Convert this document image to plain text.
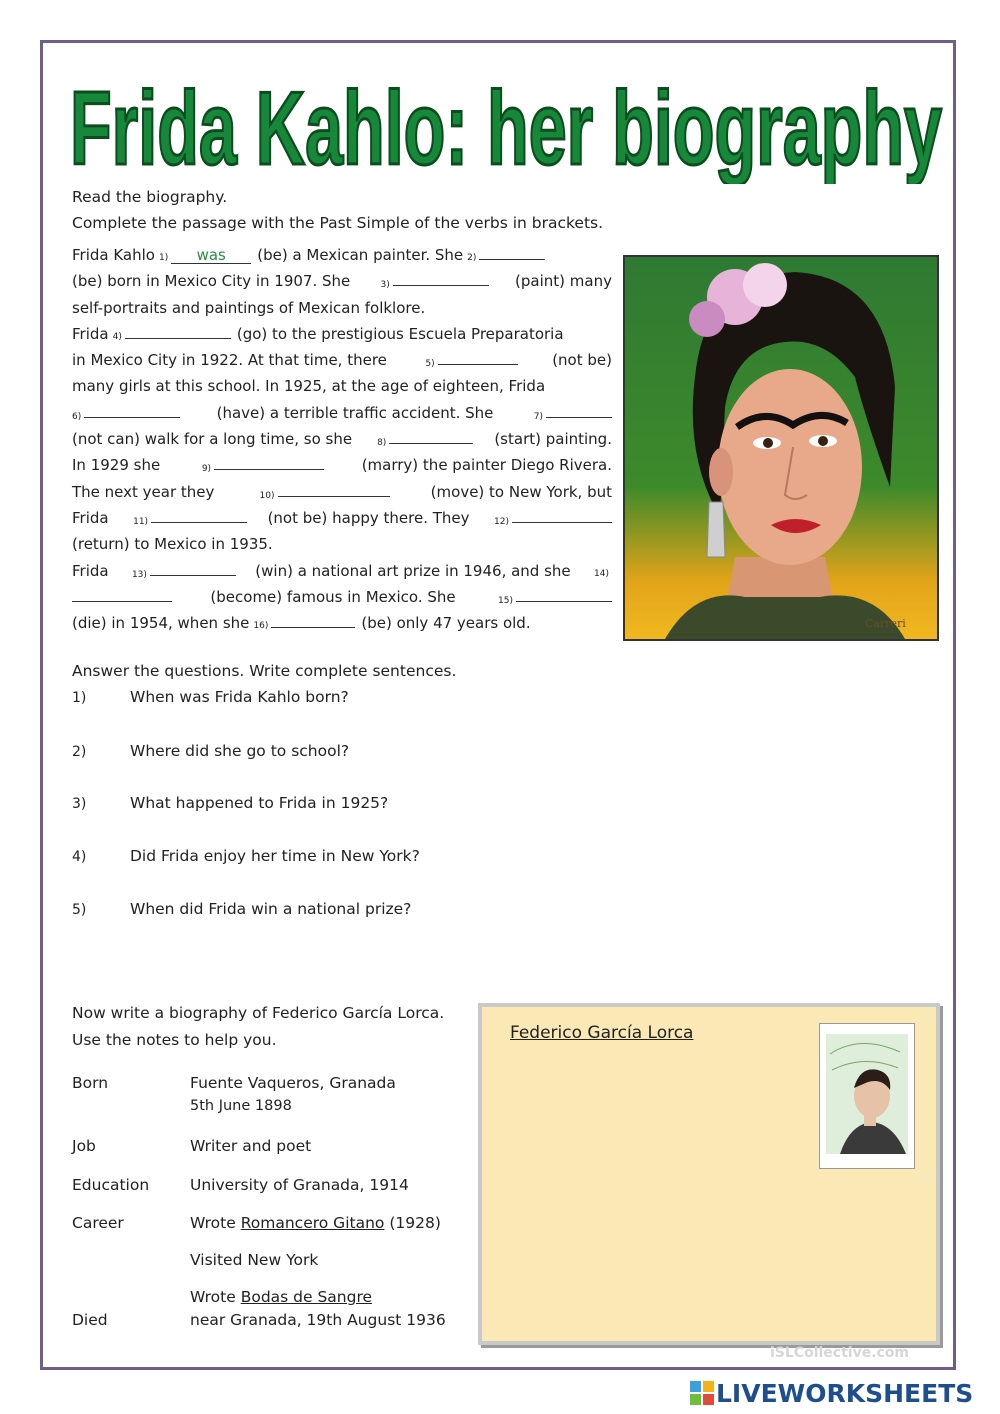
Frida Kahlo: her biography
Read the biography.
Complete the passage with the Past Simple of the verbs in brackets.
Frida Kahlo 1)	was	(be) a Mexican painter. She 2)
(be) born in Mexico City in 1907. She	3)	(paint) many
self-portraits and paintings of Mexican folklore.
Frida 4)	(go) to the prestigious Escuela Preparatoria
in Mexico City in 1922. At that time, there	5)	(not be)
many girls at this school. In 1925, at the age of eighteen, Frida
6)	(have) a terrible traffic accident. She	7)
(not can) walk for a long time, so she	8)	(start) painting.
In 1929 she	9)	(marry) the painter Diego Rivera.
The next year they	10)	(move) to New York, but
Frida	11)	(not be) happy there. They	12)
(return) to Mexico in 1935.
Frida	13)	(win) a national art prize in 1946, and she	14)
(become) famous in Mexico. She	15)
(die) in 1954, when she 16)	(be) only 47 years old.	Carreri
Answer the questions. Write complete sentences.
1)	When was Frida Kahlo born?
2)	Where did she go to school?
3)	What happened to Frida in 1925?
4)	Did Frida enjoy her time in New York?
5)	When did Frida win a national prize?
Now write a biography of Federico García Lorca.
Use the notes to help you.
Born	Fuente Vaqueros, Granada
5th June 1898
Job	Writer and poet
Education	University of Granada, 1914
Career	Wrote Romancero Gitano (1928)
Visited New York
Wrote Bodas de Sangre
Died	near Granada, 19th August 1936
Federico García Lorca
iSLCollective.com
LIVEWORKSHEETS
